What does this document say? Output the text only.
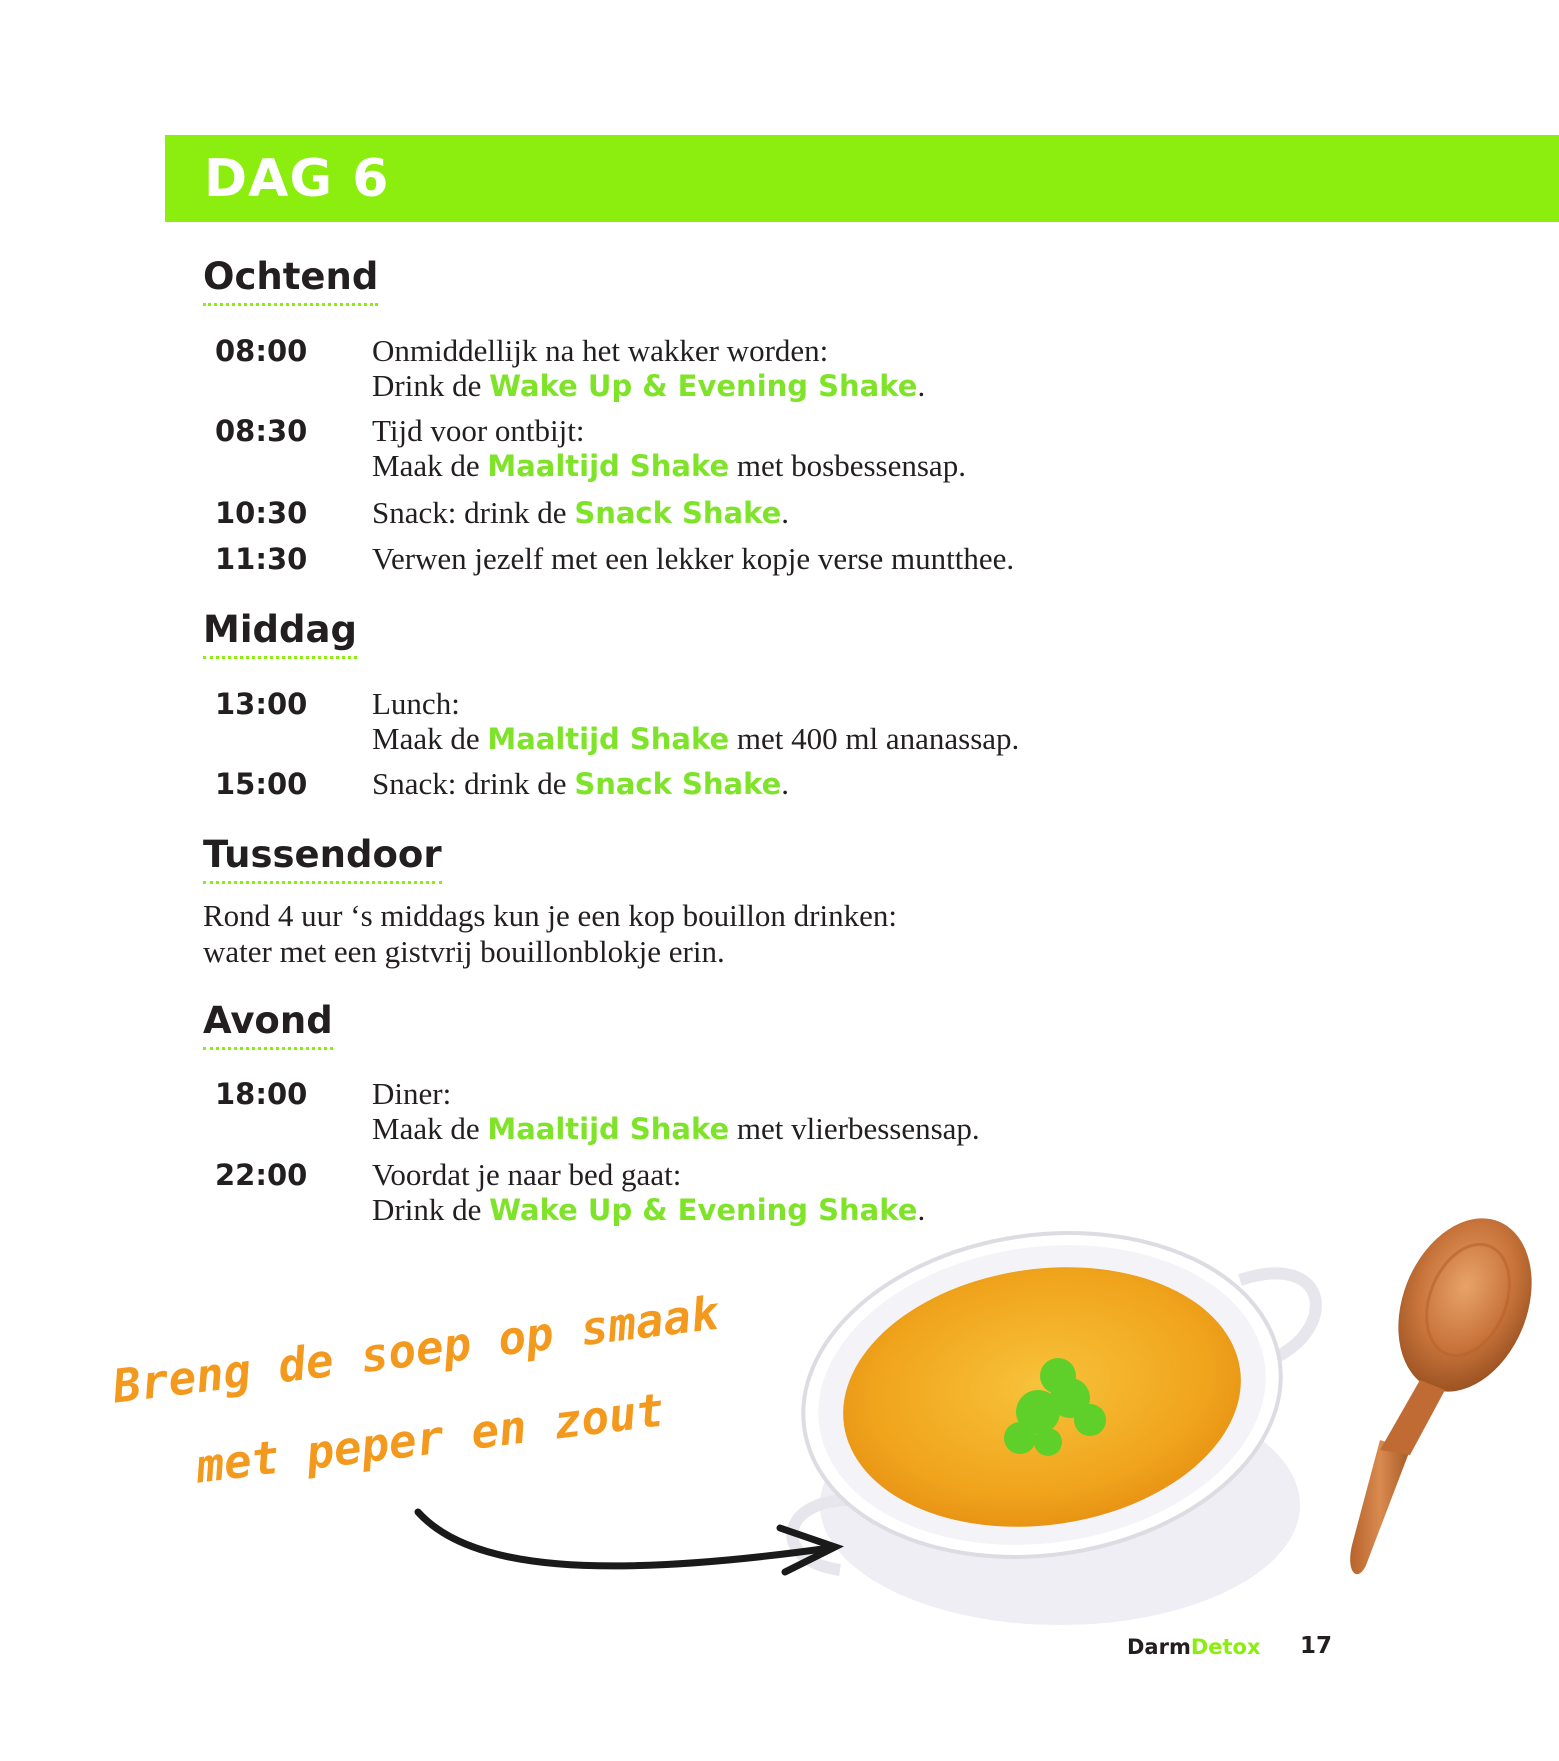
DAG 6
Ochtend
08:00	Onmiddellijk na het wakker worden:
Drink de Wake Up & Evening Shake.
08:30	Tijd voor ontbijt:
Maak de Maaltijd Shake met bosbessensap.
10:30	Snack: drink de Snack Shake.
11:30	Verwen jezelf met een lekker kopje verse muntthee.
Middag
13:00	Lunch:
Maak de Maaltijd Shake met 400 ml ananassap.
15:00	Snack: drink de Snack Shake.
Tussendoor
Rond 4 uur ‘s middags kun je een kop bouillon drinken:
water met een gistvrij bouillonblokje erin.
Avond
18:00	Diner:
Maak de Maaltijd Shake met vlierbessensap.
22:00	Voordat je naar bed gaat:
Drink de Wake Up & Evening Shake.
Breng de soep op smaak
met peper en zout
DarmDetox 17
